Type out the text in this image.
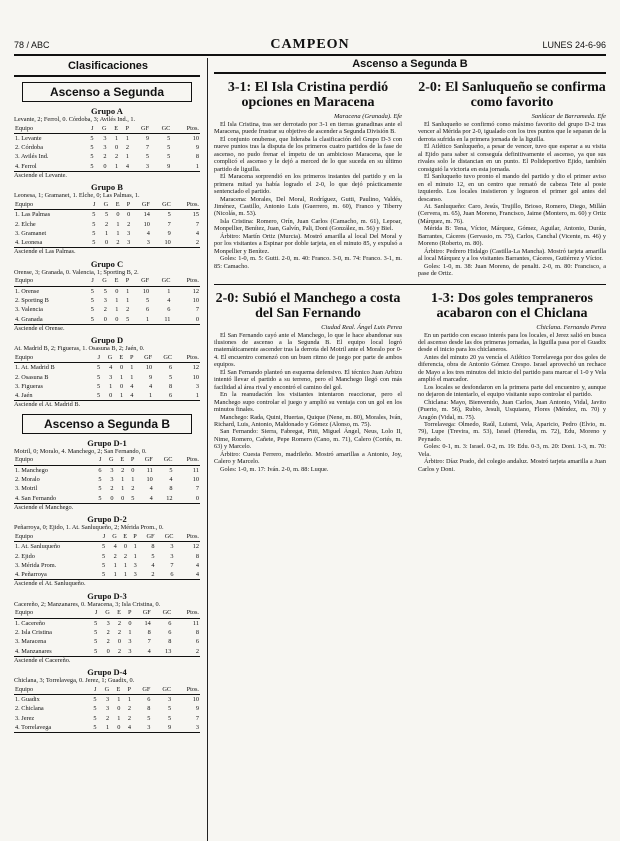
78 / ABC	CAMPEON	LUNES 24-6-96
Clasificaciones
Ascenso a Segunda
Grupo A
Levante, 2; Ferrol, 0. Córdoba, 3; Avilés Ind., 1.
Equipo	J	G	E	P	GF	GC	Ptos.
1. Levante	5	3	1	1	9	5	10
2. Córdoba	5	3	0	2	7	5	9
3. Avilés Ind.	5	2	2	1	5	5	8
4. Ferrol	5	0	1	4	3	9	1
Asciende el Levante.
Grupo B
Leonesa, 1; Gramanet, 1. Elche, 0; Las Palmas, 1.
Equipo	J	G	E	P	GF	GC	Ptos.
1. Las Palmas	5	5	0	0	14	5	15
2. Elche	5	2	1	2	10	7	7
3. Gramanet	5	1	1	3	4	9	4
4. Leonesa	5	0	2	3	3	10	2
Asciende el Las Palmas.
Grupo C
Orense, 3; Granada, 0. Valencia, 1; Sporting B, 2.
Equipo	J	G	E	P	GF	GC	Ptos.
1. Orense	5	5	0	1	10	1	12
2. Sporting B	5	3	1	1	5	4	10
3. Valencia	5	2	1	2	6	6	7
4. Granada	5	0	0	5	1	11	0
Asciende el Orense.
Grupo D
At. Madrid B, 2; Figueras, 1. Osasuna B, 2; Jaén, 0.
Equipo	J	G	E	P	GF	GC	Ptos.
1. At. Madrid B	5	4	0	1	10	6	12
2. Osasuna B	5	3	1	1	9	5	10
3. Figueras	5	1	0	4	4	8	3
4. Jaén	5	0	1	4	1	6	1
Asciende el At. Madrid B.
Ascenso a Segunda B
Grupo D-1
Motril, 0; Moralo, 4. Manchego, 2; San Fernando, 0.
Equipo	J	G	E	P	GF	GC	Ptos.
1. Manchego	6	3	2	0	11	5	11
2. Moralo	5	3	1	1	10	4	10
3. Motril	5	2	1	2	4	8	7
4. San Fernando	5	0	0	5	4	12	0
Asciende el Manchego.
Grupo D-2
Peñarroya, 0; Ejido, 1. At. Sanluqueño, 2; Mérida Prom., 0.
Equipo	J	G	E	P	GF	GC	Ptos.
1. At. Sanluqueño	5	4	0	1	8	3	12
2. Ejido	5	2	2	1	5	3	8
3. Mérida Prom.	5	1	1	3	4	7	4
4. Peñarroya	5	1	1	3	2	6	4
Asciende el At. Sanluqueño.
Grupo D-3
Cacereño, 2; Manzanares, 0. Maracena, 3; Isla Cristina, 0.
Equipo	J	G	E	P	GF	GC	Ptos.
1. Cacereño	5	3	2	0	14	6	11
2. Isla Cristina	5	2	2	1	8	6	8
3. Maracena	5	2	0	3	7	8	6
4. Manzanares	5	0	2	3	4	13	2
Asciende el Cacereño.
Grupo D-4
Chiclana, 3; Torrelavega, 0. Jerez, 1; Guadix, 0.
Equipo	J	G	E	P	GF	GC	Ptos.
1. Guadix	5	3	1	1	6	3	10
2. Chiclana	5	3	0	2	8	5	9
3. Jerez	5	2	1	2	5	5	7
4. Torrelavega	5	1	0	4	3	9	3
Ascenso a Segunda B
3-1: El Isla Cristina perdió opciones en Maracena
Maracena (Granada). Efe

El Isla Cristina, tras ser derrotado por 3-1 en tierras granadinas ante el Maracena, puede frustrar su objetivo de ascender a Segunda División B.

El conjunto onubense, que lideraba la clasificación del Grupo D-3 con nueve puntos tras la disputa de los primeros cuatro partidos de la fase de ascenso, no pudo frenar el ímpetu de un ambicioso Maracena, que le complicó el ascenso y le dejó a merced de lo que suceda en su último partido de liguilla.

El Maracena sorprendió en los primeros instantes del partido y en la primera mitad ya había logrado el 2-0, lo que dejó prácticamente sentenciado el partido.

Maracena: Morales, Del Moral, Rodríguez, Gutti, Paulino, Valdés, Jiménez, Castillo, Antonio Luis (Guerrero, m. 60), Franco y Tiberry (Nicolás, m. 53).

Isla Cristina: Romero, Orín, Juan Carlos (Camacho, m. 61), Lepoar, Monpellier, Benítez, Juan, Galvín, Pali, Doni (González, m. 56) y Biel.

Árbitro: Martín Ortiz (Murcia). Mostró amarilla al local Del Moral y por los visitantes a Espinar por doble tarjeta, en el minuto 85, y expulsó a Monpellier y Benítez.

Goles: 1-0, m. 5: Gutti. 2-0, m. 40: Franco. 3-0, m. 74: Franco. 3-1, m. 85: Camacho.

2-0: El Sanluqueño se confirma como favorito
Sanlúcar de Barrameda. Efe

El Sanluqueño se confirmó como máximo favorito del grupo D-2 tras vencer al Mérida por 2-0, igualado con los tres puntos que le separan de la derrota sufrida en la primera jornada de la liguilla.

El Atlético Sanluqueño, a pesar de vencer, tuvo que esperar a su visita al Ejido para saber si conseguía definitivamente el ascenso, ya que sus rivales solo le distancian en un punto. El Polideportivo Ejido, también consiguió la victoria en esta jornada.

El Sanluqueño tuvo pronto el mando del partido y dio el primer aviso en el minuto 12, en un centro que remató de cabeza Tete al poste izquierdo. Los locales insistieron y lograron el primer gol antes del descanso.

At. Sanluqueño: Caro, Jesús, Trujillo, Brioso, Romero, Diego, Millán (Cervera, m. 65), Juan Moreno, Francisco, Jaime (Montero, m. 60) y Ortiz (Márquez, m. 76).

Mérida B: Tena, Víctor, Márquez, Gómez, Aguilar, Antonio, Durán, Barrantes, Cáceres (Gervasio, m. 75), Carlos, Canchal (Vicente, m. 46) y Moreno (Roberto, m. 80).

Árbitro: Pedrero Hidalgo (Castilla-La Mancha). Mostró tarjeta amarilla al local Márquez y a los visitantes Barrantes, Cáceres, Gutiérrez y Víctor.

Goles: 1-0, m. 38: Juan Moreno, de penalti. 2-0, m. 80: Francisco, a pase de Ortiz.

2-0: Subió el Manchego a costa del San Fernando
Ciudad Real. Ángel Luis Perea

El San Fernando cayó ante el Manchego, lo que le hace abandonar sus ilusiones de ascenso a la Segunda B. El equipo local logró matemáticamente ascender tras la derrota del Motril ante el Moralo por 0-4. El encuentro comenzó con un buen ritmo de juego por parte de ambos equipos.

El San Fernando planteó un esquema defensivo. El técnico Juan Arbizu intentó llevar el partido a su terreno, pero el Manchego llegó con más facilidad al área rival y encontró el camino del gol.

En la reanudación los visitantes intentaron reaccionar, pero el Manchego supo controlar el juego y amplió su ventaja con un gol en los minutos finales.

Manchego: Rada, Quini, Huertas, Quique (Nene, m. 80), Morales, Iván, Richard, Luis, Antonio, Maldonado y Gómez (Alonso, m. 75).

San Fernando: Sierra, Fabregat, Pitti, Miguel Ángel, Neus, Lolo II, Nime, Romero, Cañete, Pepe Romero (Cano, m. 71), Calero (Cortés, m. 63) y Marcelo.

Árbitro: Cuesta Ferrero, madrileño. Mostró amarillas a Antonio, Joy, Calero y Marcelo.

Goles: 1-0, m. 17: Iván. 2-0, m. 88: Luque.

1-3: Dos goles tempraneros acabaron con el Chiclana
Chiclana. Fernando Perea

En un partido con escaso interés para los locales, el Jerez salió en busca del ascenso desde las dos primeras jornadas, la liguilla pasa por el Guadix desde el inicio para los chiclaneros.

Antes del minuto 20 ya vencía el Atlético Torrelavega por dos goles de diferencia, obra de Antonio Gómez Crespo. Israel aprovechó un rechace de Mayo a los tres minutos del inicio del partido para marcar el 1-0 y Vela amplió el marcador.

Los locales se desfondaron en la primera parte del encuentro y, aunque no dejaron de intentarlo, el equipo visitante supo controlar el partido.

Chiclana: Mayo, Bienvenido, Juan Carlos, Juan Antonio, Vidal, Javito (Puerto, m. 56), Rubio, Jesuli, Usquiano, Flores (Méndez, m. 70) y Aragón (Vidal, m. 75).

Torrelavega: Olmedo, Raúl, Luismi, Vela, Aparicio, Pedro (Elvio, m. 79), Lupe (Trevira, m. 53), Israel (Heredia, m. 72), Edu, Moreno y Peynado.

Goles: 0-1, m. 3: Israel. 0-2, m. 19: Edu. 0-3, m. 20: Doni. 1-3, m. 70: Vela.

Árbitro: Díaz Prado, del colegio andaluz. Mostró tarjeta amarilla a Juan Carlos y Doni.
